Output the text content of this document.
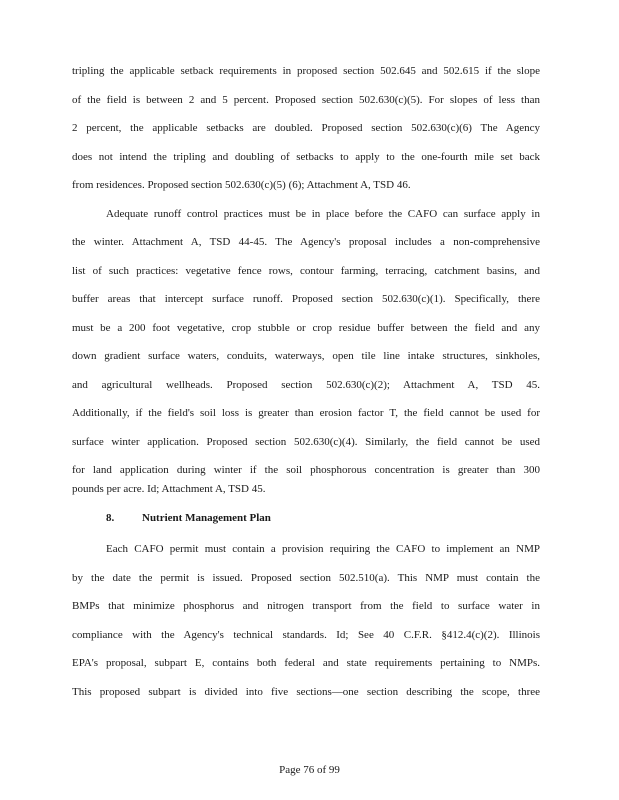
tripling the applicable setback requirements in proposed section 502.645 and 502.615 if the slope
of the field is between 2 and 5 percent. Proposed section 502.630(c)(5). For slopes of less than
2 percent, the applicable setbacks are doubled. Proposed section 502.630(c)(6) The Agency
does not intend the tripling and doubling of setbacks to apply to the one-fourth mile set back
from residences. Proposed section 502.630(c)(5) (6); Attachment A, TSD 46.
Adequate runoff control practices must be in place before the CAFO can surface apply in
the winter. Attachment A, TSD 44-45. The Agency's proposal includes a non-comprehensive
list of such practices: vegetative fence rows, contour farming, terracing, catchment basins, and
buffer areas that intercept surface runoff. Proposed section 502.630(c)(1). Specifically, there
must be a 200 foot vegetative, crop stubble or crop residue buffer between the field and any
down gradient surface waters, conduits, waterways, open tile line intake structures, sinkholes,
and agricultural wellheads. Proposed section 502.630(c)(2); Attachment A, TSD 45.
Additionally, if the field's soil loss is greater than erosion factor T, the field cannot be used for
surface winter application. Proposed section 502.630(c)(4). Similarly, the field cannot be used
for land application during winter if the soil phosphorous concentration is greater than 300
pounds per acre. Id; Attachment A, TSD 45.
8.	Nutrient Management Plan
Each CAFO permit must contain a provision requiring the CAFO to implement an NMP
by the date the permit is issued. Proposed section 502.510(a). This NMP must contain the
BMPs that minimize phosphorus and nitrogen transport from the field to surface water in
compliance with the Agency's technical standards. Id; See 40 C.F.R. §412.4(c)(2). Illinois
EPA's proposal, subpart E, contains both federal and state requirements pertaining to NMPs.
This proposed subpart is divided into five sections—one section describing the scope, three
Page 76 of 99
